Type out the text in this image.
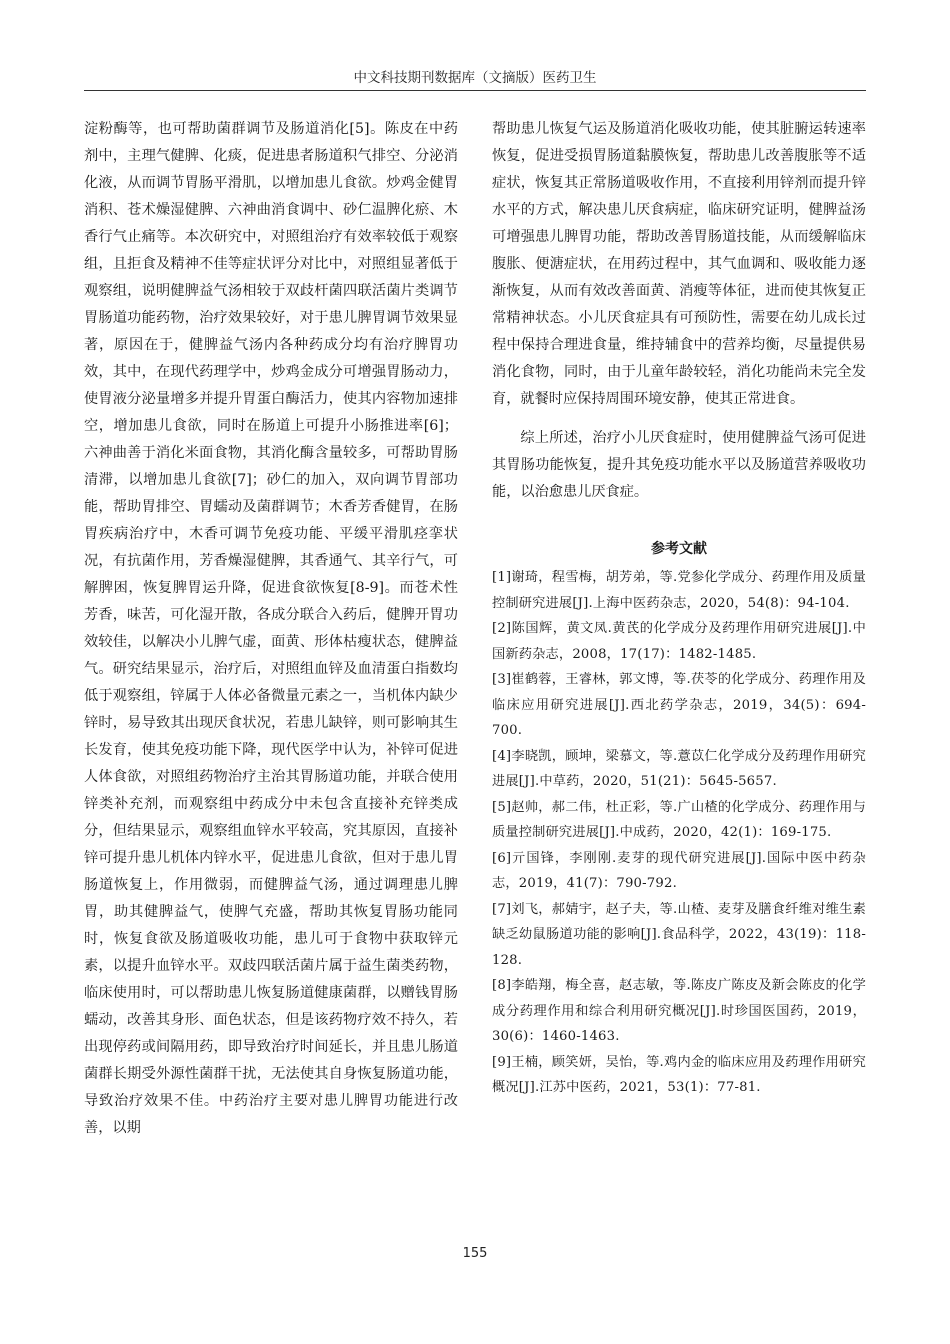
中文科技期刊数据库（文摘版）医药卫生

淀粉酶等，也可帮助菌群调节及肠道消化[5]。陈皮在中药剂中，主理气健脾、化痰，促进患者肠道积气排空、分泌消化液，从而调节胃肠平滑肌，以增加患儿食欲。炒鸡金健胃消积、苍术燥湿健脾、六神曲消食调中、砂仁温脾化瘀、木香行气止痛等。本次研究中，对照组治疗有效率较低于观察组，且拒食及精神不佳等症状评分对比中，对照组显著低于观察组，说明健脾益气汤相较于双歧杆菌四联活菌片类调节胃肠道功能药物，治疗效果较好，对于患儿脾胃调节效果显著，原因在于，健脾益气汤内各种药成分均有治疗脾胃功效，其中，在现代药理学中，炒鸡金成分可增强胃肠动力，使胃液分泌量增多并提升胃蛋白酶活力，使其内容物加速排空，增加患儿食欲，同时在肠道上可提升小肠推进率[6]；六神曲善于消化米面食物，其消化酶含量较多，可帮助胃肠清滞，以增加患儿食欲[7]；砂仁的加入，双向调节胃部功能，帮助胃排空、胃蠕动及菌群调节；木香芳香健胃，在肠胃疾病治疗中，木香可调节免疫功能、平缓平滑肌痉挛状况，有抗菌作用，芳香燥湿健脾，其香通气、其辛行气，可解脾困，恢复脾胃运升降，促进食欲恢复[8-9]。而苍术性芳香，味苦，可化湿开散，各成分联合入药后，健脾开胃功效较佳，以解决小儿脾气虚，面黄、形体枯瘦状态，健脾益气。研究结果显示，治疗后，对照组血锌及血清蛋白指数均低于观察组，锌属于人体必备微量元素之一，当机体内缺少锌时，易导致其出现厌食状况，若患儿缺锌，则可影响其生长发育，使其免疫功能下降，现代医学中认为，补锌可促进人体食欲，对照组药物治疗主治其胃肠道功能，并联合使用锌类补充剂，而观察组中药成分中未包含直接补充锌类成分，但结果显示，观察组血锌水平较高，究其原因，直接补锌可提升患儿机体内锌水平，促进患儿食欲，但对于患儿胃肠道恢复上，作用微弱，而健脾益气汤，通过调理患儿脾胃，助其健脾益气，使脾气充盛，帮助其恢复胃肠功能同时，恢复食欲及肠道吸收功能，患儿可于食物中获取锌元素，以提升血锌水平。双歧四联活菌片属于益生菌类药物，临床使用时，可以帮助患儿恢复肠道健康菌群，以赠钱胃肠蠕动，改善其身形、面色状态，但是该药物疗效不持久，若出现停药或间隔用药，即导致治疗时间延长，并且患儿肠道菌群长期受外源性菌群干扰，无法使其自身恢复肠道功能，导致治疗效果不佳。中药治疗主要对患儿脾胃功能进行改善，以期

帮助患儿恢复气运及肠道消化吸收功能，使其脏腑运转速率恢复，促进受损胃肠道黏膜恢复，帮助患儿改善腹胀等不适症状，恢复其正常肠道吸收作用，不直接利用锌剂而提升锌水平的方式，解决患儿厌食病症，临床研究证明，健脾益汤可增强患儿脾胃功能，帮助改善胃肠道技能，从而缓解临床腹胀、便溏症状，在用药过程中，其气血调和、吸收能力逐渐恢复，从而有效改善面黄、消瘦等体征，进而使其恢复正常精神状态。小儿厌食症具有可预防性，需要在幼儿成长过程中保持合理进食量，维持辅食中的营养均衡，尽量提供易消化食物，同时，由于儿童年龄较轻，消化功能尚未完全发育，就餐时应保持周围环境安静，使其正常进食。

综上所述，治疗小儿厌食症时，使用健脾益气汤可促进其胃肠功能恢复，提升其免疫功能水平以及肠道营养吸收功能，以治愈患儿厌食症。

参考文献
[1]谢琦，程雪梅，胡芳弟，等.党参化学成分、药理作用及质量控制研究进展[J].上海中医药杂志，2020，54(8)：94-104.
[2]陈国辉，黄文凤.黄芪的化学成分及药理作用研究进展[J].中国新药杂志，2008，17(17)：1482-1485.
[3]崔鹤蓉，王睿林，郭文博，等.茯苓的化学成分、药理作用及临床应用研究进展[J].西北药学杂志，2019，34(5)：694-700.
[4]李晓凯，顾坤，梁慕文，等.薏苡仁化学成分及药理作用研究进展[J].中草药，2020，51(21)：5645-5657.
[5]赵帅，郝二伟，杜正彩，等.广山楂的化学成分、药理作用与质量控制研究进展[J].中成药，2020，42(1)：169-175.
[6]亓国锋，李刚刚.麦芽的现代研究进展[J].国际中医中药杂志，2019，41(7)：790-792.
[7]刘飞，郝婧宇，赵子夫，等.山楂、麦芽及膳食纤维对维生素缺乏幼鼠肠道功能的影响[J].食品科学，2022，43(19)：118-128.
[8]李皓翔，梅全喜，赵志敏，等.陈皮广陈皮及新会陈皮的化学成分药理作用和综合利用研究概况[J].时珍国医国药，2019，30(6)：1460-1463.
[9]王楠，顾笑妍，吴怡，等.鸡内金的临床应用及药理作用研究概况[J].江苏中医药，2021，53(1)：77-81.
155
